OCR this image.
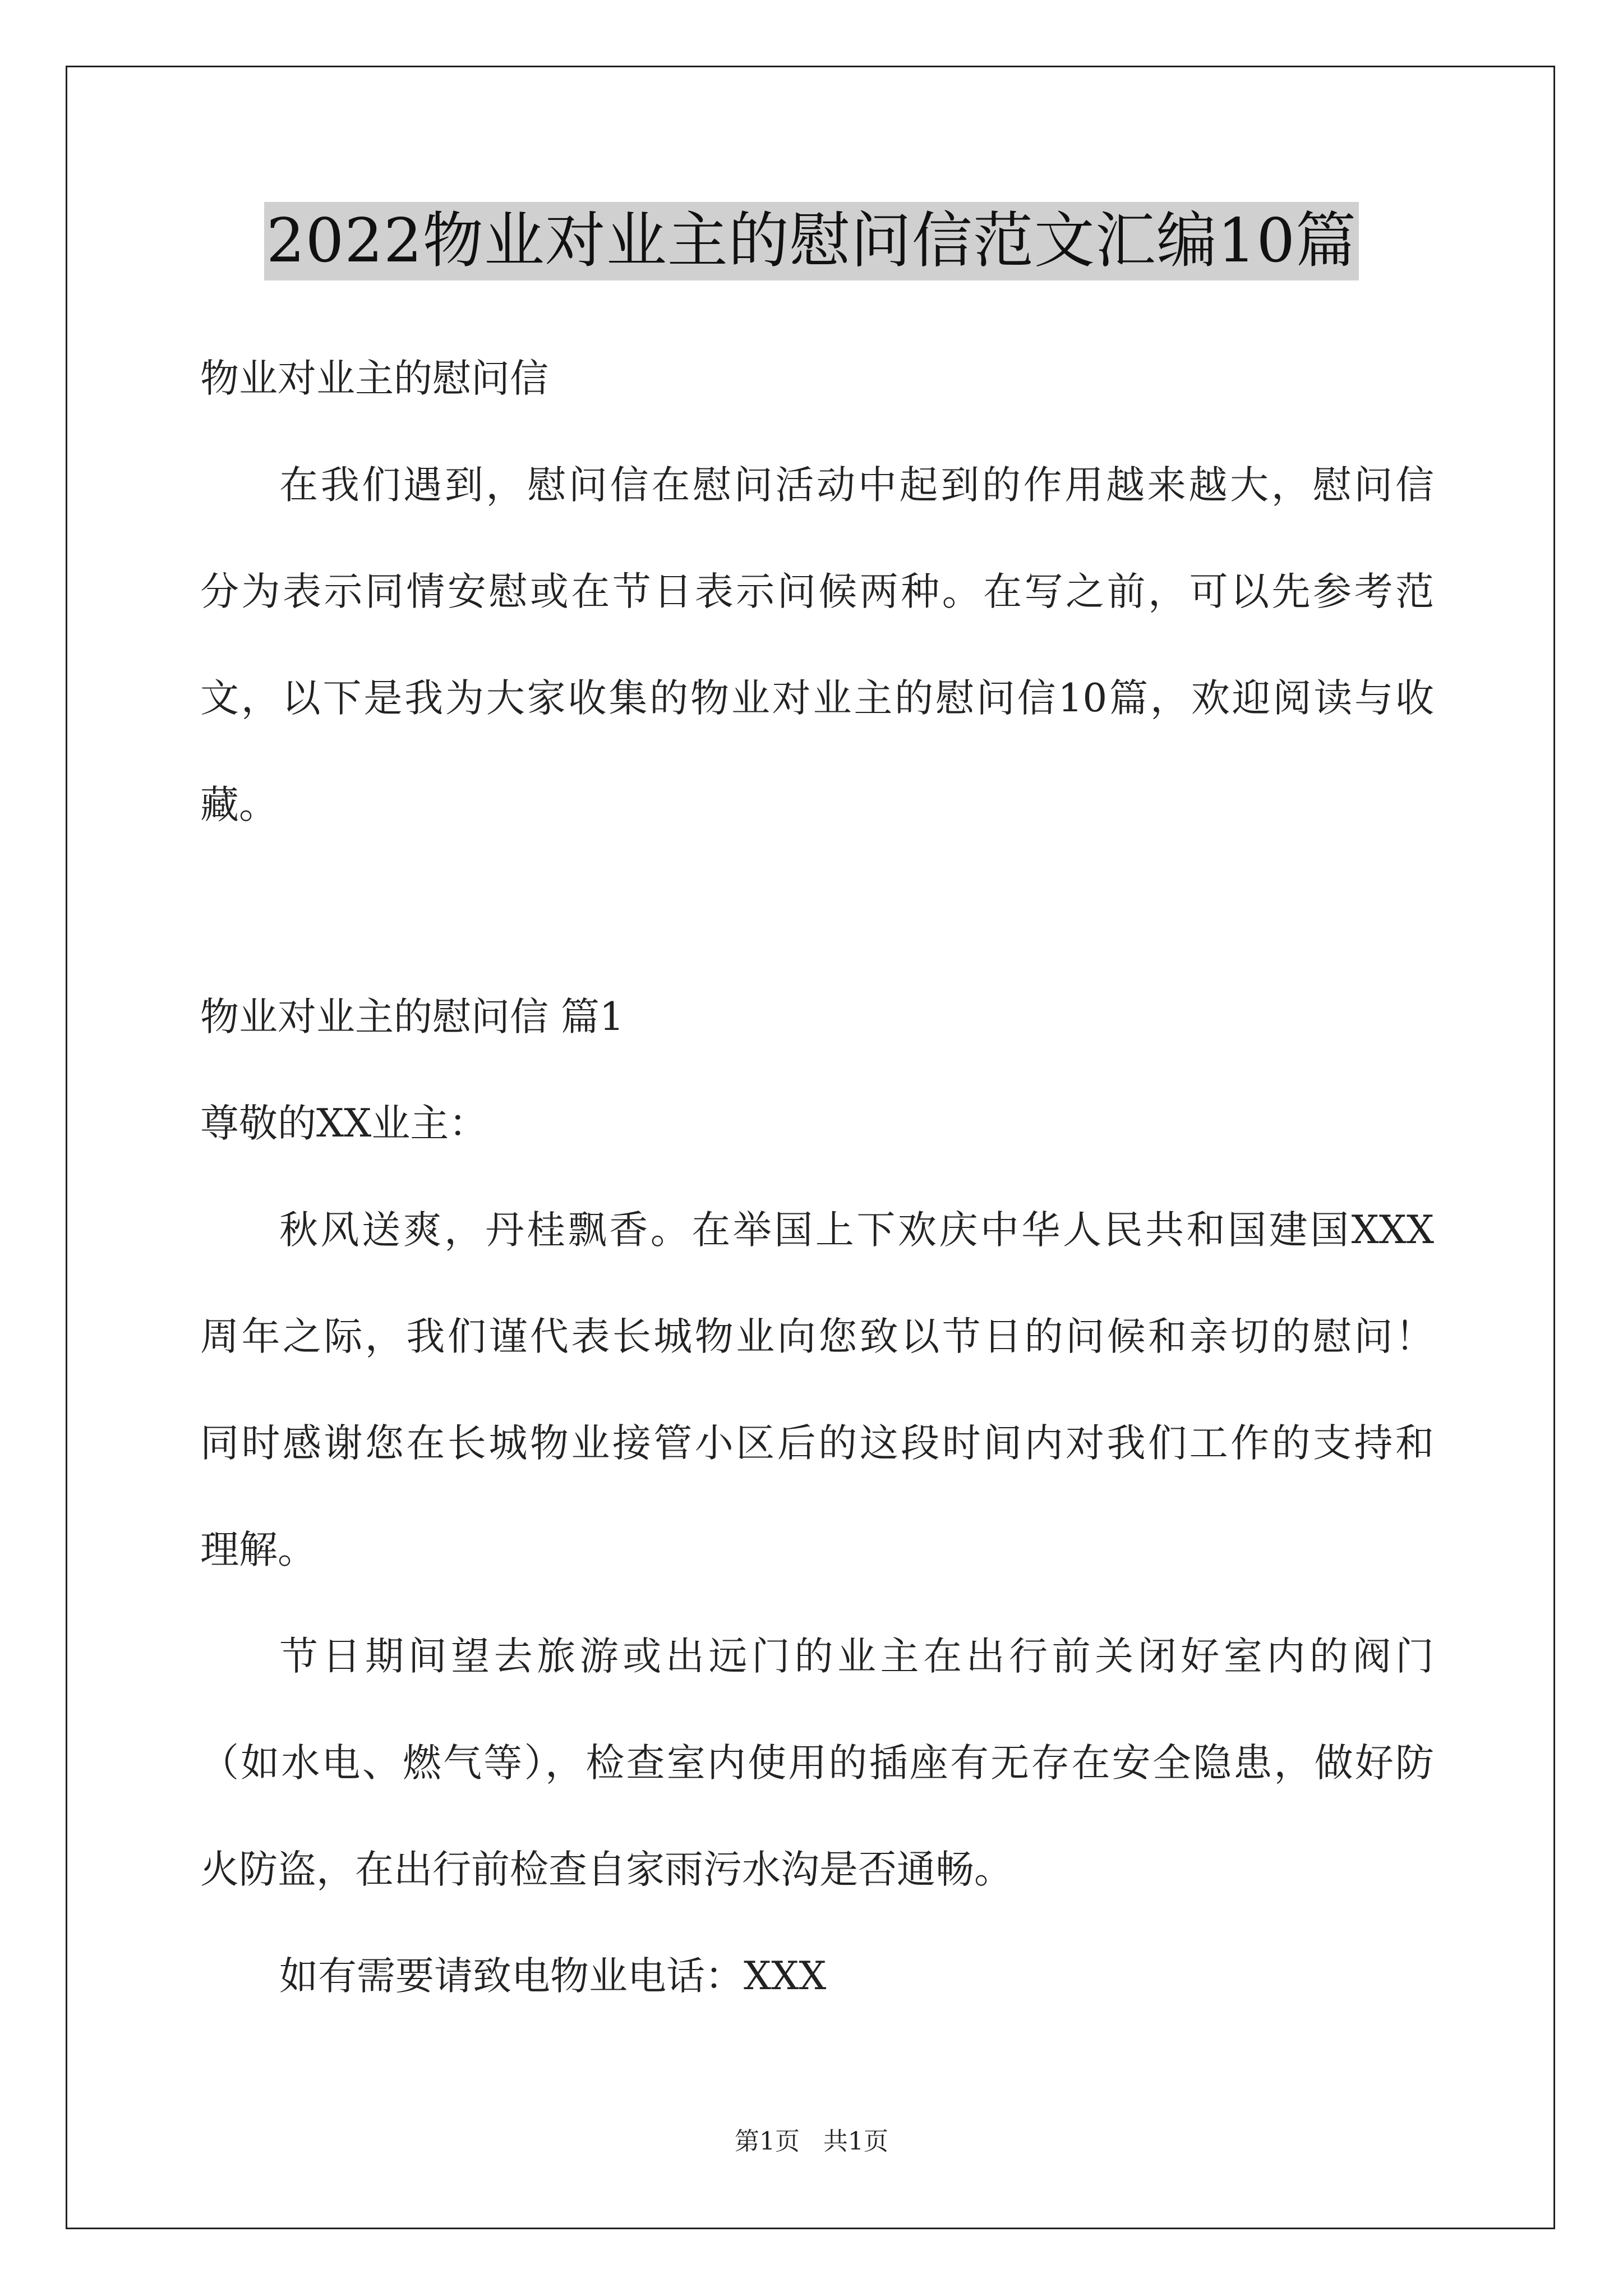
2022物业对业主的慰问信范文汇编10篇
物业对业主的慰问信
在我们遇到，慰问信在慰问活动中起到的作用越来越大，慰问信
分为表示同情安慰或在节日表示问候两种。在写之前，可以先参考范
文，以下是我为大家收集的物业对业主的慰问信10篇，欢迎阅读与收
藏。
物业对业主的慰问信 篇1
尊敬的XX业主：
秋风送爽，丹桂飘香。在举国上下欢庆中华人民共和国建国XXX
周年之际，我们谨代表长城物业向您致以节日的问候和亲切的慰问！
同时感谢您在长城物业接管小区后的这段时间内对我们工作的支持和
理解。
节日期间望去旅游或出远门的业主在出行前关闭好室内的阀门
（如水电、燃气等），检查室内使用的插座有无存在安全隐患，做好防
火防盗，在出行前检查自家雨污水沟是否通畅。
如有需要请致电物业电话：XXX
第1页   共1页
